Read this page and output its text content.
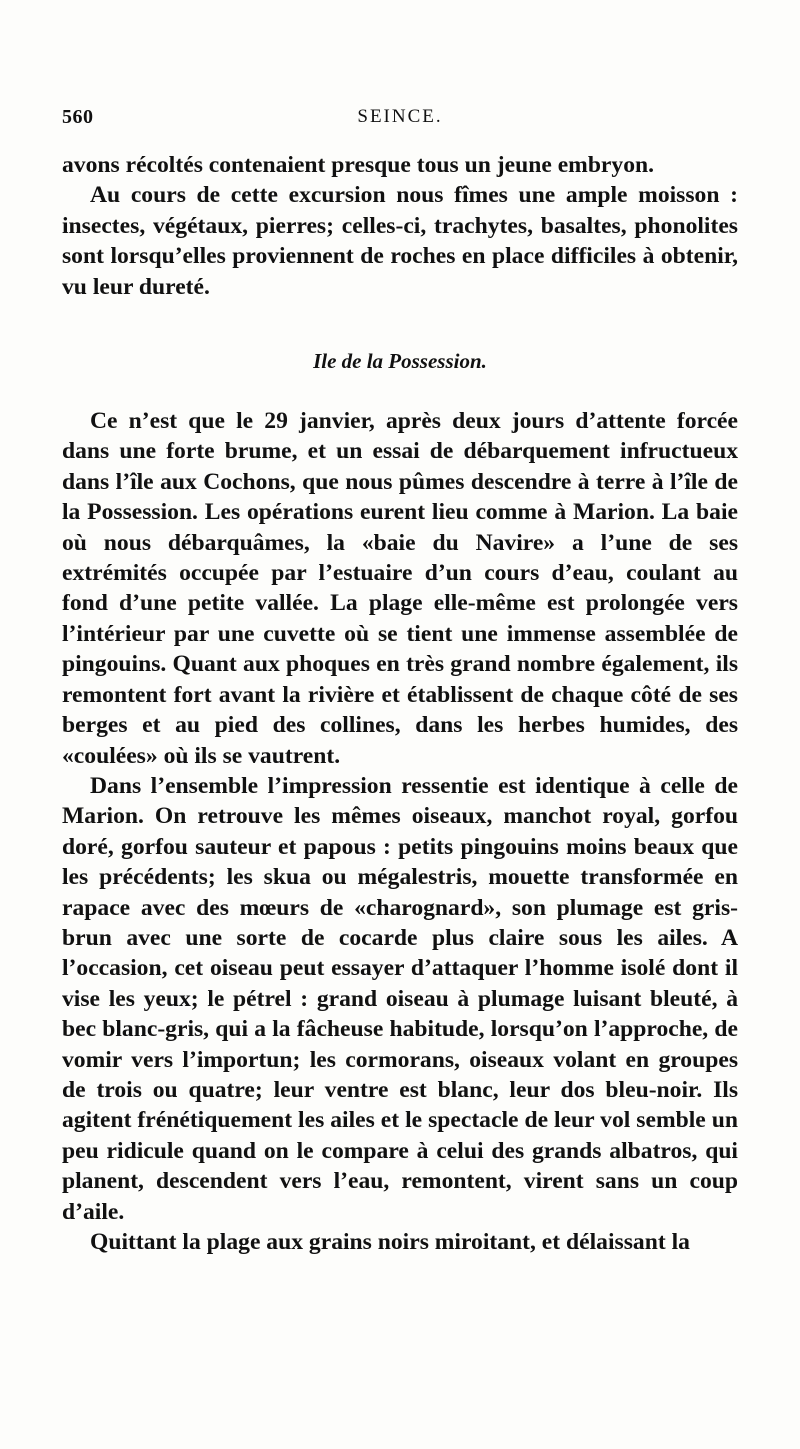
560	SEINCE.

avons récoltés contenaient presque tous un jeune embryon.

Au cours de cette excursion nous fîmes une ample moisson : insectes, végétaux, pierres; celles-ci, trachytes, basaltes, phonolites sont lorsqu’elles proviennent de roches en place difficiles à obtenir, vu leur dureté.

Ile de la Possession.

Ce n’est que le 29 janvier, après deux jours d’attente forcée dans une forte brume, et un essai de débarquement infructueux dans l’île aux Cochons, que nous pûmes descendre à terre à l’île de la Possession. Les opérations eurent lieu comme à Marion. La baie où nous débarquâmes, la «baie du Navire» a l’une de ses extrémités occupée par l’estuaire d’un cours d’eau, coulant au fond d’une petite vallée. La plage elle-même est prolongée vers l’intérieur par une cuvette où se tient une immense assemblée de pingouins. Quant aux phoques en très grand nombre également, ils remontent fort avant la rivière et établissent de chaque côté de ses berges et au pied des collines, dans les herbes humides, des «coulées» où ils se vautrent.

Dans l’ensemble l’impression ressentie est identique à celle de Marion. On retrouve les mêmes oiseaux, manchot royal, gorfou doré, gorfou sauteur et papous : petits pingouins moins beaux que les précédents; les skua ou mégalestris, mouette transformée en rapace avec des mœurs de «charognard», son plumage est gris-brun avec une sorte de cocarde plus claire sous les ailes. A l’occasion, cet oiseau peut essayer d’attaquer l’homme isolé dont il vise les yeux; le pétrel : grand oiseau à plumage luisant bleuté, à bec blanc-gris, qui a la fâcheuse habitude, lorsqu’on l’approche, de vomir vers l’importun; les cormorans, oiseaux volant en groupes de trois ou quatre; leur ventre est blanc, leur dos bleu-noir. Ils agitent frénétiquement les ailes et le spectacle de leur vol semble un peu ridicule quand on le compare à celui des grands albatros, qui planent, descendent vers l’eau, remontent, virent sans un coup d’aile.

Quittant la plage aux grains noirs miroitant, et délaissant la
